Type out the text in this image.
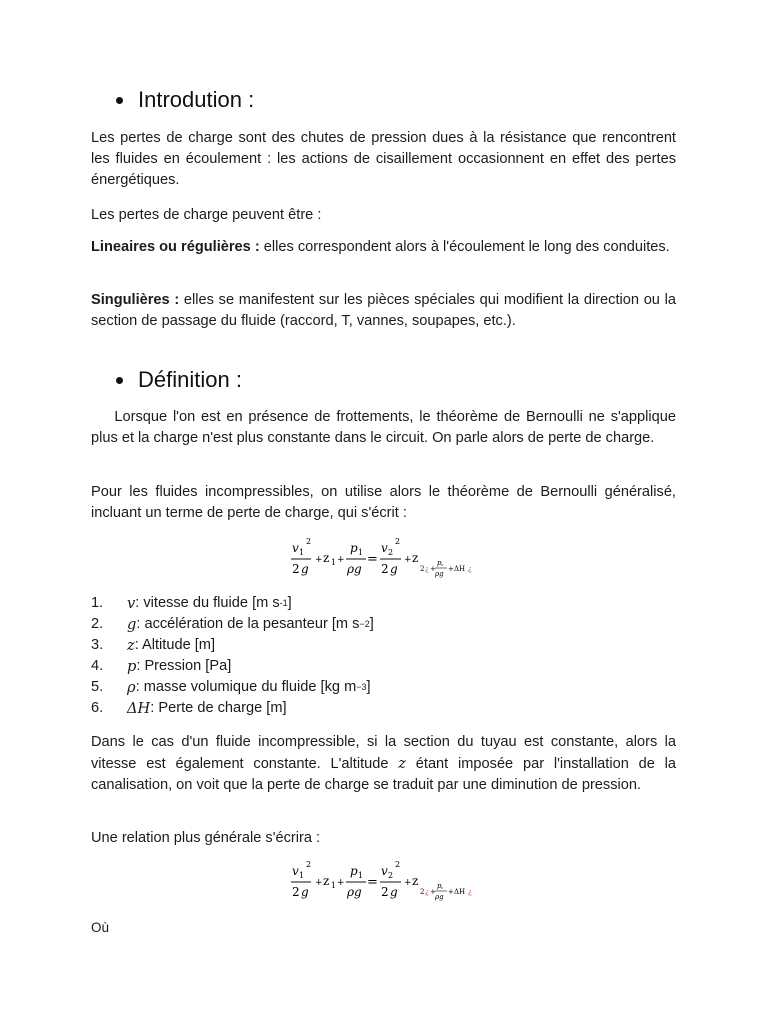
Introdution :

Les pertes de charge sont des chutes de pression dues à la résistance que rencontrent les fluides en écoulement : les actions de cisaillement occasionnent en effet des pertes énergétiques.

Les pertes de charge peuvent être :

Lineaires ou régulières : elles correspondent alors à l'écoulement le long des conduites.

Singulières : elles se manifestent sur les pièces spéciales qui modifient la direction ou la section de passage du fluide (raccord, T, vannes, soupapes, etc.).

Définition :

Lorsque l'on est en présence de frottements, le théorème de Bernoulli ne s'applique plus et la charge n'est plus constante dans le circuit. On parle alors de perte de charge.

Pour les fluides incompressibles, on utilise alors le théorème de Bernoulli généralisé, incluant un terme de perte de charge, qui s'écrit :

v 1
2
2 g
+ z 1 +
p 1
ρg
=
v 2
2
2 g
+ z
2 ¿ +
p ₂
ρg
+ ΔH ¿
1.	v : vitesse du fluide [m s -1 ]
2.	g : accélération de la pesanteur [m s −2 ]
3.	z : Altitude [m]
4.	p : Pression [Pa]
5.	ρ : masse volumique du fluide [kg m −3 ]
6.	ΔH : Perte de charge [m]

Dans le cas d'un fluide incompressible, si la section du tuyau est constante, alors la vitesse est également constante. L'altitude z étant imposée par l'installation de la canalisation, on voit que la perte de charge se traduit par une diminution de pression.

Une relation plus générale s'écrira :

v 1
2
2 g
+ z 1 +
p 1
ρg
=
v 2
2
2 g
+ z
2 ¿ +
p ₂
ρg
+ ΔH ¿

Où
